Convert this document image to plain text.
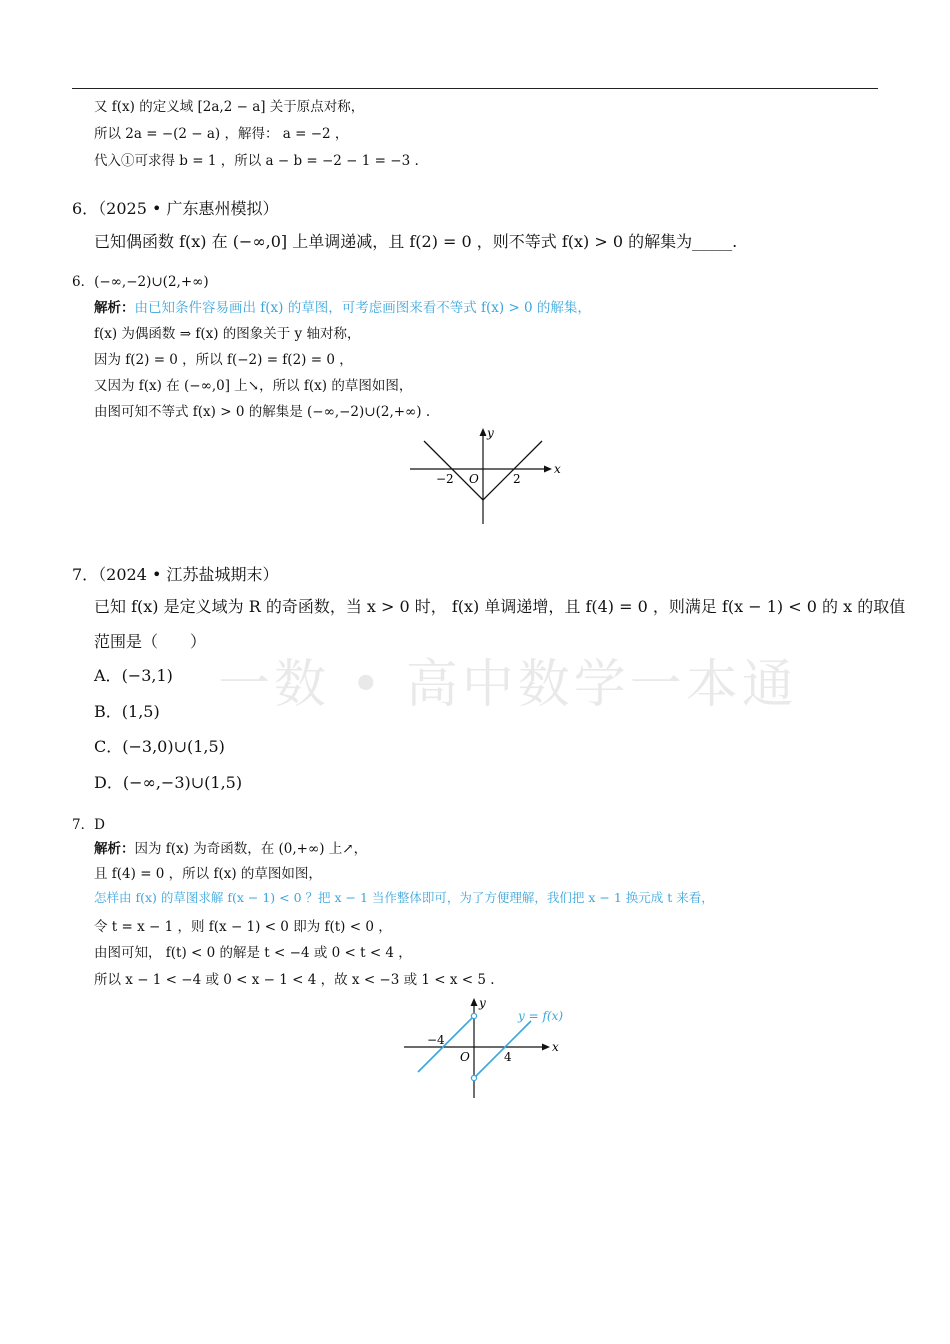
又 f(x) 的定义域 [2a,2 − a] 关于原点对称，
所以 2a = −(2 − a) ，解得： a = −2 ，
代入①可求得 b = 1 ，所以 a − b = −2 − 1 = −3 .
6．（2025 • 广东惠州模拟）
已知偶函数 f(x) 在 (−∞,0] 上单调递减，且 f(2) = 0 ，则不等式 f(x) > 0 的解集为_____.
6．(−∞,−2)∪(2,+∞)
解析：由已知条件容易画出 f(x) 的草图，可考虑画图来看不等式 f(x) > 0 的解集，
f(x) 为偶函数 ⇒ f(x) 的图象关于 y 轴对称，
因为 f(2) = 0 ，所以 f(−2) = f(2) = 0 ，
又因为 f(x) 在 (−∞,0] 上↘，所以 f(x) 的草图如图，
由图可知不等式 f(x) > 0 的解集是 (−∞,−2)∪(2,+∞) .
x
y
O
−2	2
7．（2024 • 江苏盐城期末）
已知 f(x) 是定义域为 R 的奇函数，当 x > 0 时， f(x) 单调递增，且 f(4) = 0 ，则满足 f(x − 1) < 0 的 x 的取值
范围是（　　）
一数 • 高中数学一本通
A．(−3,1)
B．(1,5)
C．(−3,0)∪(1,5)
D．(−∞,−3)∪(1,5)
7．D
解析：因为 f(x) 为奇函数，在 (0,+∞) 上↗，
且 f(4) = 0 ，所以 f(x) 的草图如图，
怎样由 f(x) 的草图求解 f(x − 1) < 0 ？把 x − 1 当作整体即可，为了方便理解，我们把 x − 1 换元成 t 来看，
令 t = x − 1 ，则 f(x − 1) < 0 即为 f(t) < 0 ，
由图可知， f(t) < 0 的解是 t < −4 或 0 < t < 4 ，
所以 x − 1 < −4 或 0 < x − 1 < 4 ，故 x < −3 或 1 < x < 5 .
x
y
O
−4
4
y = f(x)
